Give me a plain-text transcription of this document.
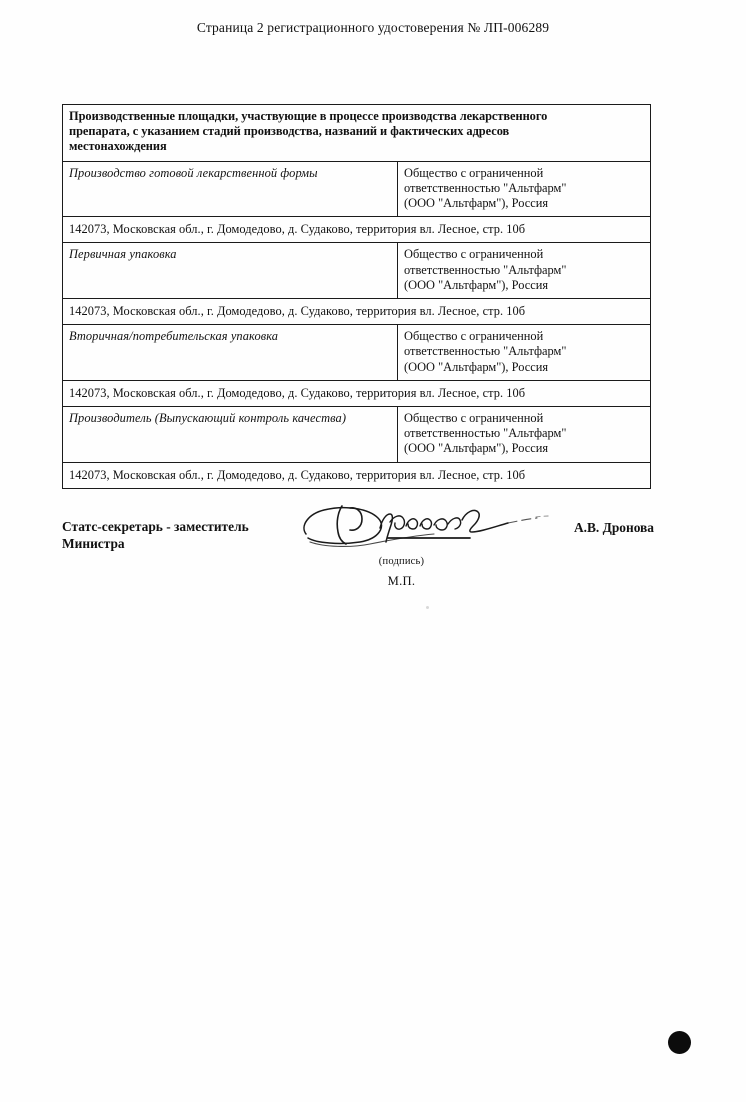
Страница 2 регистрационного удостоверения № ЛП-006289
Производственные площадки, участвующие в процессе производства лекарственного
препарата, с указанием стадий производства, названий и фактических адресов
местонахождения	

Производство готовой лекарственной формы	Общество с ограниченной
ответственностью "Альтфарм"
(ООО "Альтфарм"), Россия

142073, Московская обл., г. Домодедово, д. Судаково, территория вл. Лесное, стр. 10б	
Первичная упаковка	Общество с ограниченной
ответственностью "Альтфарм"
(ООО "Альтфарм"), Россия

142073, Московская обл., г. Домодедово, д. Судаково, территория вл. Лесное, стр. 10б	
Вторичная/потребительская упаковка	Общество с ограниченной
ответственностью "Альтфарм"
(ООО "Альтфарм"), Россия

142073, Московская обл., г. Домодедово, д. Судаково, территория вл. Лесное, стр. 10б	
Производитель (Выпускающий контроль качества)	Общество с ограниченной
ответственностью "Альтфарм"
(ООО "Альтфарм"), Россия

142073, Московская обл., г. Домодедово, д. Судаково, территория вл. Лесное, стр. 10б	
Статс-секретарь - заместитель
Министра
(подпись)
М.П.
А.В. Дронова
